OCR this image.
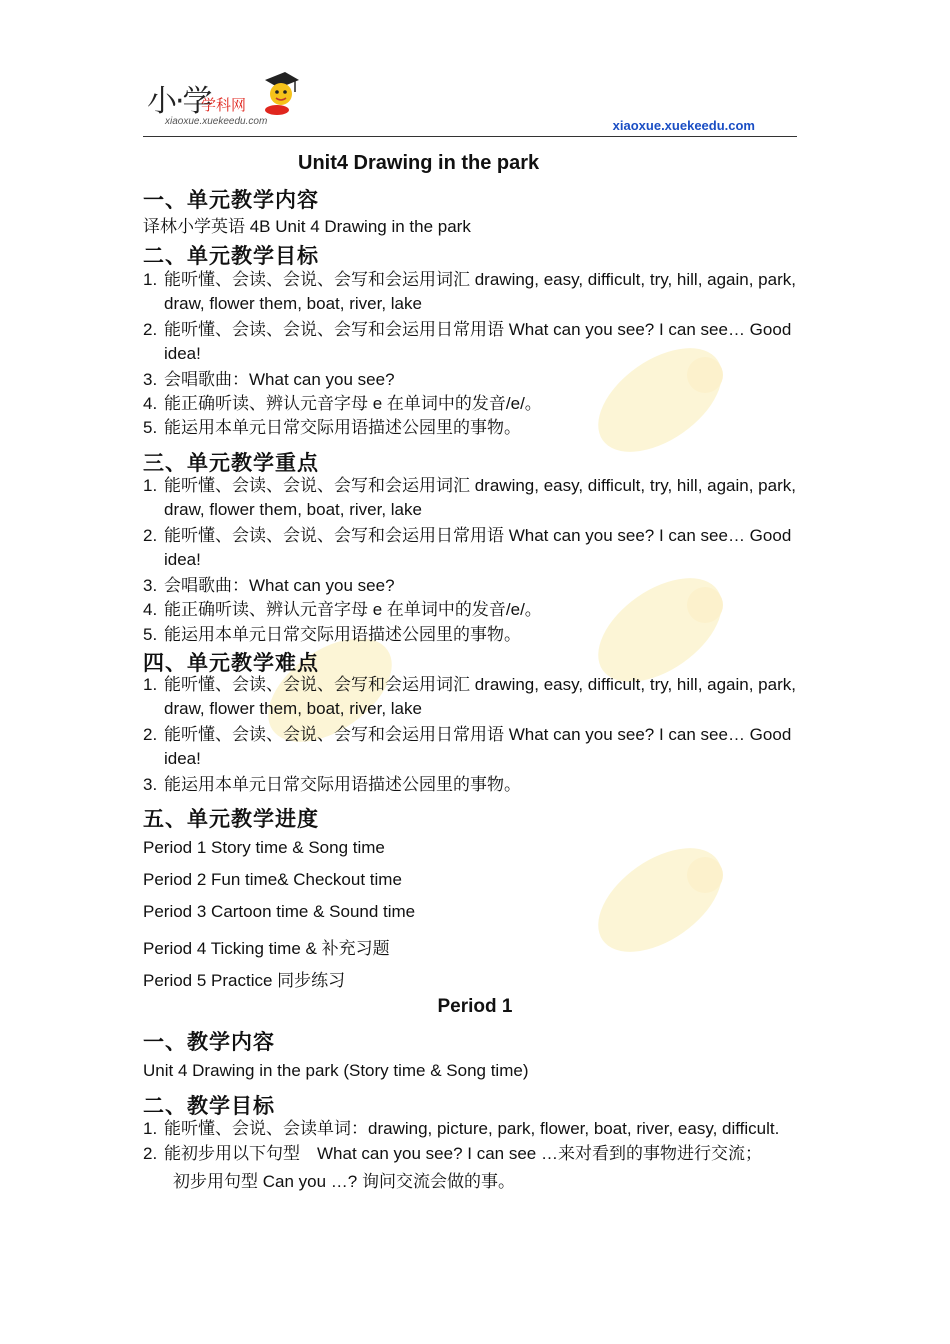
小·学
学科网
xiaoxue.xuekeedu.com	xiaoxue.xuekeedu.com
Unit4 Drawing in the park
一、单元教学内容
译林小学英语 4B Unit 4 Drawing in the park
二、单元教学目标
1. 能听懂、会读、会说、会写和会运用词汇 drawing, easy, difficult, try, hill, again, park, draw, flower them, boat, river, lake
2. 能听懂、会读、会说、会写和会运用日常用语 What can you see? I can see… Good idea!
3. 会唱歌曲：What can you see?
4. 能正确听读、辨认元音字母 e 在单词中的发音/e/。
5. 能运用本单元日常交际用语描述公园里的事物。
三、单元教学重点
1. 能听懂、会读、会说、会写和会运用词汇 drawing, easy, difficult, try, hill, again, park, draw, flower them, boat, river, lake
2. 能听懂、会读、会说、会写和会运用日常用语 What can you see? I can see… Good idea!
3. 会唱歌曲：What can you see?
4. 能正确听读、辨认元音字母 e 在单词中的发音/e/。
5. 能运用本单元日常交际用语描述公园里的事物。
四、单元教学难点
1. 能听懂、会读、会说、会写和会运用词汇 drawing, easy, difficult, try, hill, again, park, draw, flower them, boat, river, lake
2. 能听懂、会读、会说、会写和会运用日常用语 What can you see? I can see… Good idea!
3. 能运用本单元日常交际用语描述公园里的事物。
五、单元教学进度
Period 1 Story time & Song time
Period 2 Fun time& Checkout time
Period 3 Cartoon time & Sound time
Period 4 Ticking time & 补充习题
Period 5 Practice 同步练习
Period 1
一、教学内容
Unit 4 Drawing in the park (Story time & Song time)
二、教学目标
1. 能听懂、会说、会读单词：drawing, picture, park, flower, boat, river, easy, difficult.
2. 能初步用以下句型　What can you see? I can see …来对看到的事物进行交流；
初步用句型 Can you …? 询问交流会做的事。
